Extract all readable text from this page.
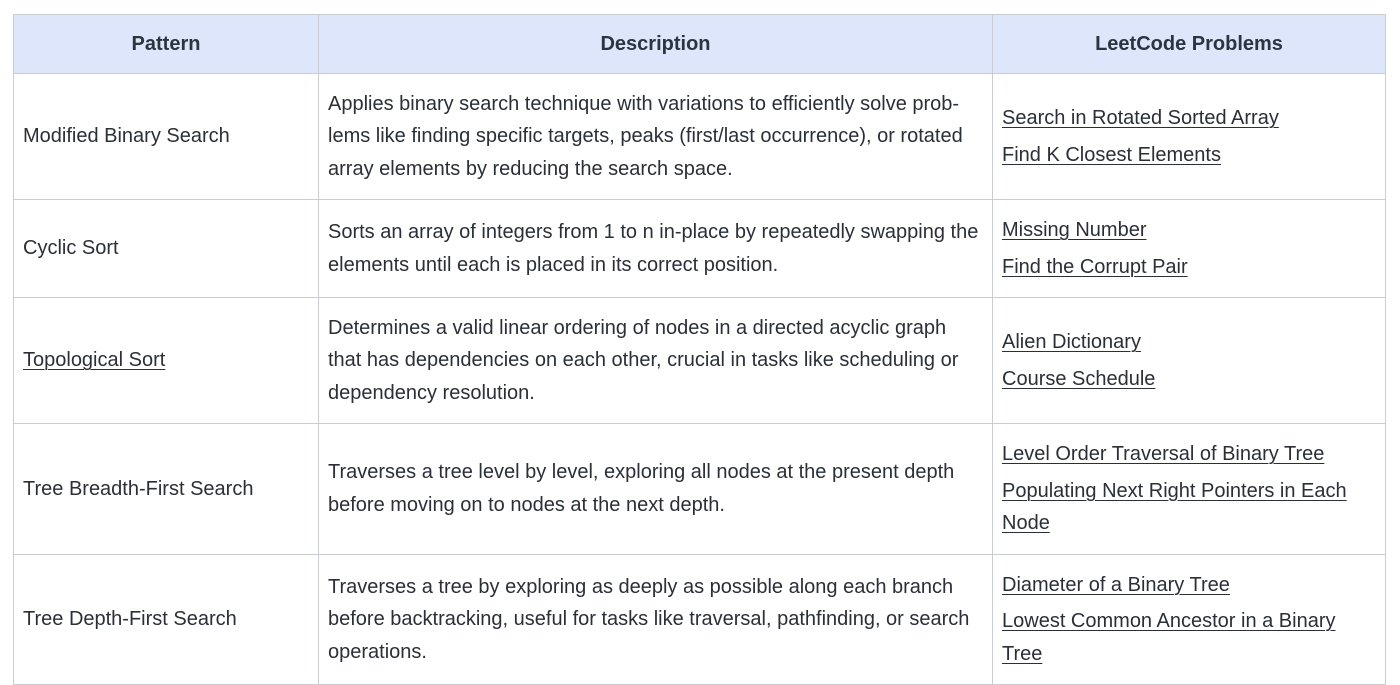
Pattern	Description	LeetCode Problems
Modified Binary Search	Applies binary search technique with variations to efficiently solve prob-lems like finding specific targets, peaks (first/last occurrence), or rotated array elements by reducing the search space.	Search in Rotated Sorted Array
Find K Closest Elements

Cyclic Sort	Sorts an array of integers from 1 to n in-place by repeatedly swapping the elements until each is placed in its correct position.	Missing Number
Find the Corrupt Pair

Topological Sort	Determines a valid linear ordering of nodes in a directed acyclic graph that has dependencies on each other, crucial in tasks like scheduling or dependency resolution.	Alien Dictionary
Course Schedule

Tree Breadth-First Search	Traverses a tree level by level, exploring all nodes at the present depth before moving on to nodes at the next depth.	Level Order Traversal of Binary Tree
Populating Next Right Pointers in Each Node

Tree Depth-First Search	Traverses a tree by exploring as deeply as possible along each branch before backtracking, useful for tasks like traversal, pathfinding, or search operations.	Diameter of a Binary Tree
Lowest Common Ancestor in a Binary Tree
